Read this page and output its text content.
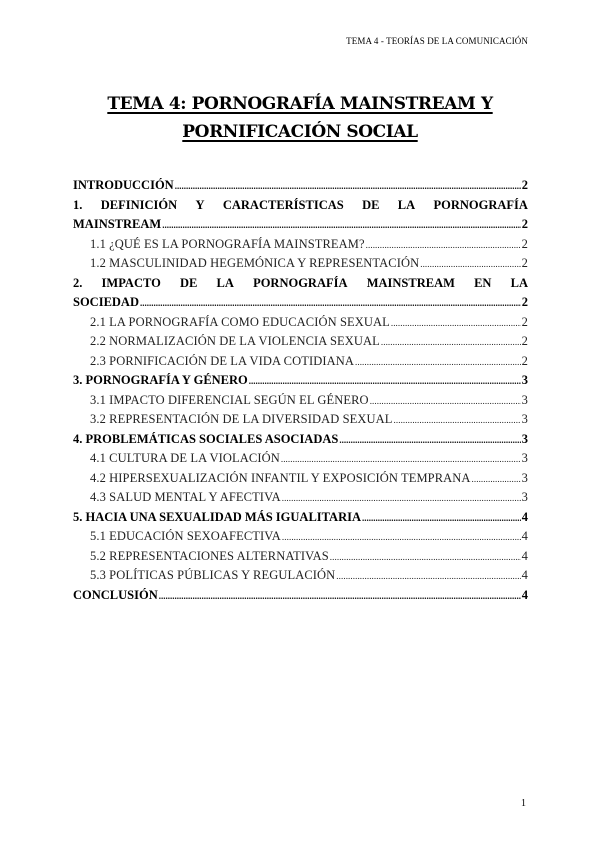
TEMA 4 - TEORÍAS DE LA COMUNICACIÓN
TEMA 4: PORNOGRAFÍA MAINSTREAM Y
PORNIFICACIÓN SOCIAL
INTRODUCCIÓN .....	2
1. DEFINICIÓN Y CARACTERÍSTICAS DE LA PORNOGRAFÍA
MAINSTREAM .....	2
1.1 ¿QUÉ ES LA PORNOGRAFÍA MAINSTREAM? .....	2
1.2 MASCULINIDAD HEGEMÓNICA Y REPRESENTACIÓN .....	2
2. IMPACTO DE LA PORNOGRAFÍA MAINSTREAM EN LA
SOCIEDAD .....	2
2.1 LA PORNOGRAFÍA COMO EDUCACIÓN SEXUAL .....	2
2.2 NORMALIZACIÓN DE LA VIOLENCIA SEXUAL .....	2
2.3 PORNIFICACIÓN DE LA VIDA COTIDIANA .....	2
3. PORNOGRAFÍA Y GÉNERO .....	3
3.1 IMPACTO DIFERENCIAL SEGÚN EL GÉNERO .....	3
3.2 REPRESENTACIÓN DE LA DIVERSIDAD SEXUAL .....	3
4. PROBLEMÁTICAS SOCIALES ASOCIADAS .....	3
4.1 CULTURA DE LA VIOLACIÓN .....	3
4.2 HIPERSEXUALIZACIÓN INFANTIL Y EXPOSICIÓN TEMPRANA .....	3
4.3 SALUD MENTAL Y AFECTIVA .....	3
5. HACIA UNA SEXUALIDAD MÁS IGUALITARIA .....	4
5.1 EDUCACIÓN SEXOAFECTIVA .....	4
5.2 REPRESENTACIONES ALTERNATIVAS .....	4
5.3 POLÍTICAS PÚBLICAS Y REGULACIÓN .....	4
CONCLUSIÓN .....	4
1
